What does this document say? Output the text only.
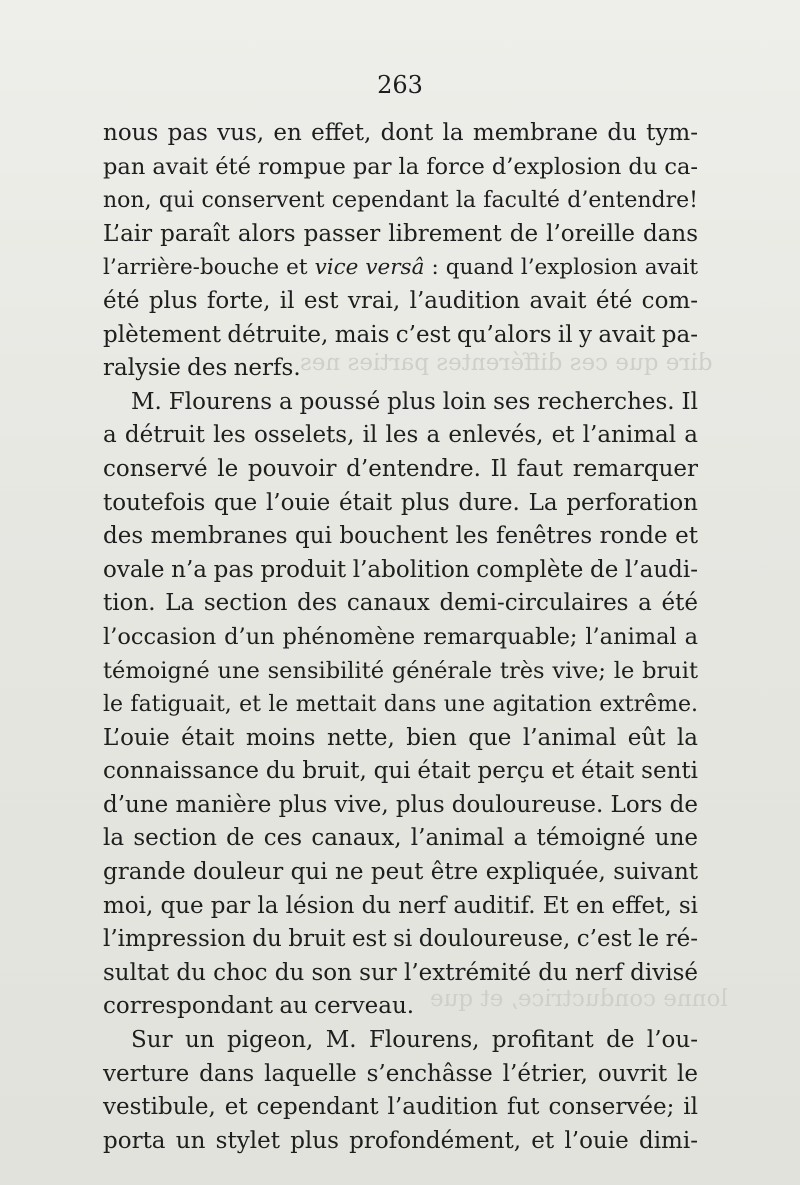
263
dire que ces différentes parties nes
lonne conductrice, et que
nous pas vus, en effet, dont la membrane du tym-
pan avait été rompue par la force d’explosion du ca-
non, qui conservent cependant la faculté d’entendre!
L’air paraît alors passer librement de l’oreille dans
l’arrière-bouche et vice versâ : quand l’explosion avait
été plus forte, il est vrai, l’audition avait été com-
plètement détruite, mais c’est qu’alors il y avait pa-
ralysie des nerfs.
M. Flourens a poussé plus loin ses recherches. Il
a détruit les osselets, il les a enlevés, et l’animal a
conservé le pouvoir d’entendre. Il faut remarquer
toutefois que l’ouie était plus dure. La perforation
des membranes qui bouchent les fenêtres ronde et
ovale n’a pas produit l’abolition complète de l’audi-
tion. La section des canaux demi-circulaires a été
l’occasion d’un phénomène remarquable; l’animal a
témoigné une sensibilité générale très vive; le bruit
le fatiguait, et le mettait dans une agitation extrême.
L’ouie était moins nette, bien que l’animal eût la
connaissance du bruit, qui était perçu et était senti
d’une manière plus vive, plus douloureuse. Lors de
la section de ces canaux, l’animal a témoigné une
grande douleur qui ne peut être expliquée, suivant
moi, que par la lésion du nerf auditif. Et en effet, si
l’impression du bruit est si douloureuse, c’est le ré-
sultat du choc du son sur l’extrémité du nerf divisé
correspondant au cerveau.
Sur un pigeon, M. Flourens, profitant de l’ou-
verture dans laquelle s’enchâsse l’étrier, ouvrit le
vestibule, et cependant l’audition fut conservée; il
porta un stylet plus profondément, et l’ouie dimi-
